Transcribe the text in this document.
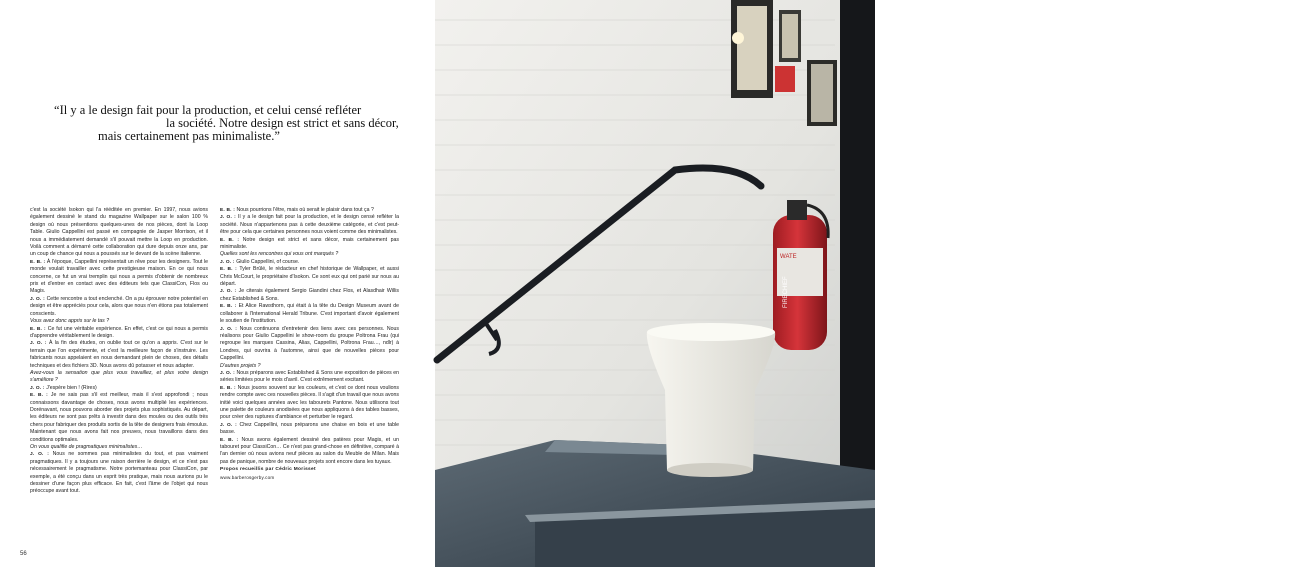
“Il y a le design fait pour la production, et celui censé refléter
la société. Notre design est strict et sans décor,
mais certainement pas minimaliste.”

c'est la société Isokon qui l'a rééditée en premier. En 1997, nous avions également dessiné le stand du magazine Wallpaper sur le salon 100 % design où nous présentions quelques-unes de nos pièces, dont la Loop Table. Giulio Cappellini est passé en compagnie de Jasper Morrison, et il nous a immédiatement demandé s'il pouvait mettre la Loop en production. Voilà comment a démarré cette collaboration qui dure depuis onze ans, par un coup de chance qui nous a poussés sur le devant de la scène italienne.

E. B. : À l'époque, Cappellini représentait un rêve pour les designers. Tout le monde voulait travailler avec cette prestigieuse maison. En ce qui nous concerne, ce fut un vrai tremplin qui nous a permis d'obtenir de nombreux prix et d'entrer en contact avec des éditeurs tels que ClassiCon, Flos ou Magis.

J. O. : Cette rencontre a tout enclenché. On a pu éprouver notre potentiel en design et être appréciés pour cela, alors que nous n'en étions pas totalement conscients.

Vous avez donc appris sur le tas ?

E. B. : Ce fut une véritable expérience. En effet, c'est ce qui nous a permis d'apprendre véritablement le design.

J. O. : À la fin des études, on oublie tout ce qu'on a appris. C'est sur le terrain que l'on expérimente, et c'est la meilleure façon de s'instruire. Les fabricants nous appelaient en nous demandant plein de choses, des détails techniques et des fichiers 3D. Nous avons dû potasser et nous adapter.

Avez-vous la sensation que plus vous travaillez, et plus votre design s'améliore ?

J. O. : J'espère bien ! (Rires)

E. B. : Je ne sais pas s'il est meilleur, mais il s'est approfondi ; nous connaissons davantage de choses, nous avons multiplié les expériences. Dorénavant, nous pouvons aborder des projets plus sophistiqués. Au départ, les éditeurs ne sont pas prêts à investir dans des moules ou des outils très chers pour fabriquer des produits sortis de la tête de designers frais émoulus. Maintenant que nous avons fait nos preuves, nous travaillons dans des conditions optimales.

On vous qualifie de pragmatiques minimalistes…

J. O. : Nous ne sommes pas minimalistes du tout, et pas vraiment pragmatiques. Il y a toujours une raison derrière le design, et ce n'est pas nécessairement le pragmatisme. Notre portemanteau pour ClassiCon, par exemple, a été conçu dans un esprit très pratique, mais nous aurions pu le dessiner d'une façon plus efficace. En fait, c'est l'âme de l'objet qui nous préoccupe avant tout.

E. B. : Nous pourrions l'être, mais où serait le plaisir dans tout ça ?

J. O. : Il y a le design fait pour la production, et le design censé refléter la société. Nous n'appartenons pas à cette deuxième catégorie, et c'est peut-être pour cela que certaines personnes nous voient comme des minimalistes.

E. B. : Notre design est strict et sans décor, mais certainement pas minimaliste.

Quelles sont les rencontres qui vous ont marqués ?

J. O. : Giulio Cappellini, of course.

E. B. : Tyler Brûlé, le rédacteur en chef historique de Wallpaper, et aussi Chris McCourt, le propriétaire d'Isokon. Ce sont eux qui ont parié sur nous au départ.

J. O. : Je citerais également Sergio Giandini chez Flos, et Alasdhair Willis chez Established & Sons.

E. B. : Et Alice Rawsthorn, qui était à la tête du Design Museum avant de collaborer à l'International Herald Tribune. C'est important d'avoir également le soutien de l'institution.

J. O. : Nous continuons d'entretenir des liens avec ces personnes. Nous réalisons pour Giulio Cappellini le show-room du groupe Poltrona Frau (qui regroupe les marques Cassina, Alias, Cappellini, Poltrona Frau…, ndlr) à Londres, qui ouvrira à l'automne, ainsi que de nouvelles pièces pour Cappellini.

D'autres projets ?

J. O. : Nous préparons avec Established & Sons une exposition de pièces en séries limitées pour le mois d'avril. C'est extrêmement excitant.

E. B. : Nous jouons souvent sur les couleurs, et c'est ce dont nous voulions rendre compte avec ces nouvelles pièces. Il s'agit d'un travail que nous avons initié voici quelques années avec les tabourets Pantone. Nous utilisons tout une palette de couleurs anodisées que nous appliquons à des tables basses, pour créer des ruptures d'ambiance et perturber le regard.

J. O. : Chez Cappellini, nous préparons une chaise en bois et une table basse.

E. B. : Nous avons également dessiné des patères pour Magis, et un tabouret pour ClassiCon… Ce n'est pas grand-chose en définitive, comparé à l'an dernier où nous avions neuf pièces au salon du Meuble de Milan. Mais pas de panique, nombre de nouveaux projets sont encore dans les tuyaux.

Propos recueillis par Cédric Morisset

www.barberosgerby.com

56
WATE
FIRECHIEF
Un nouveau prototype
de tabouret trône
dans les escaliers
du studio de design.
